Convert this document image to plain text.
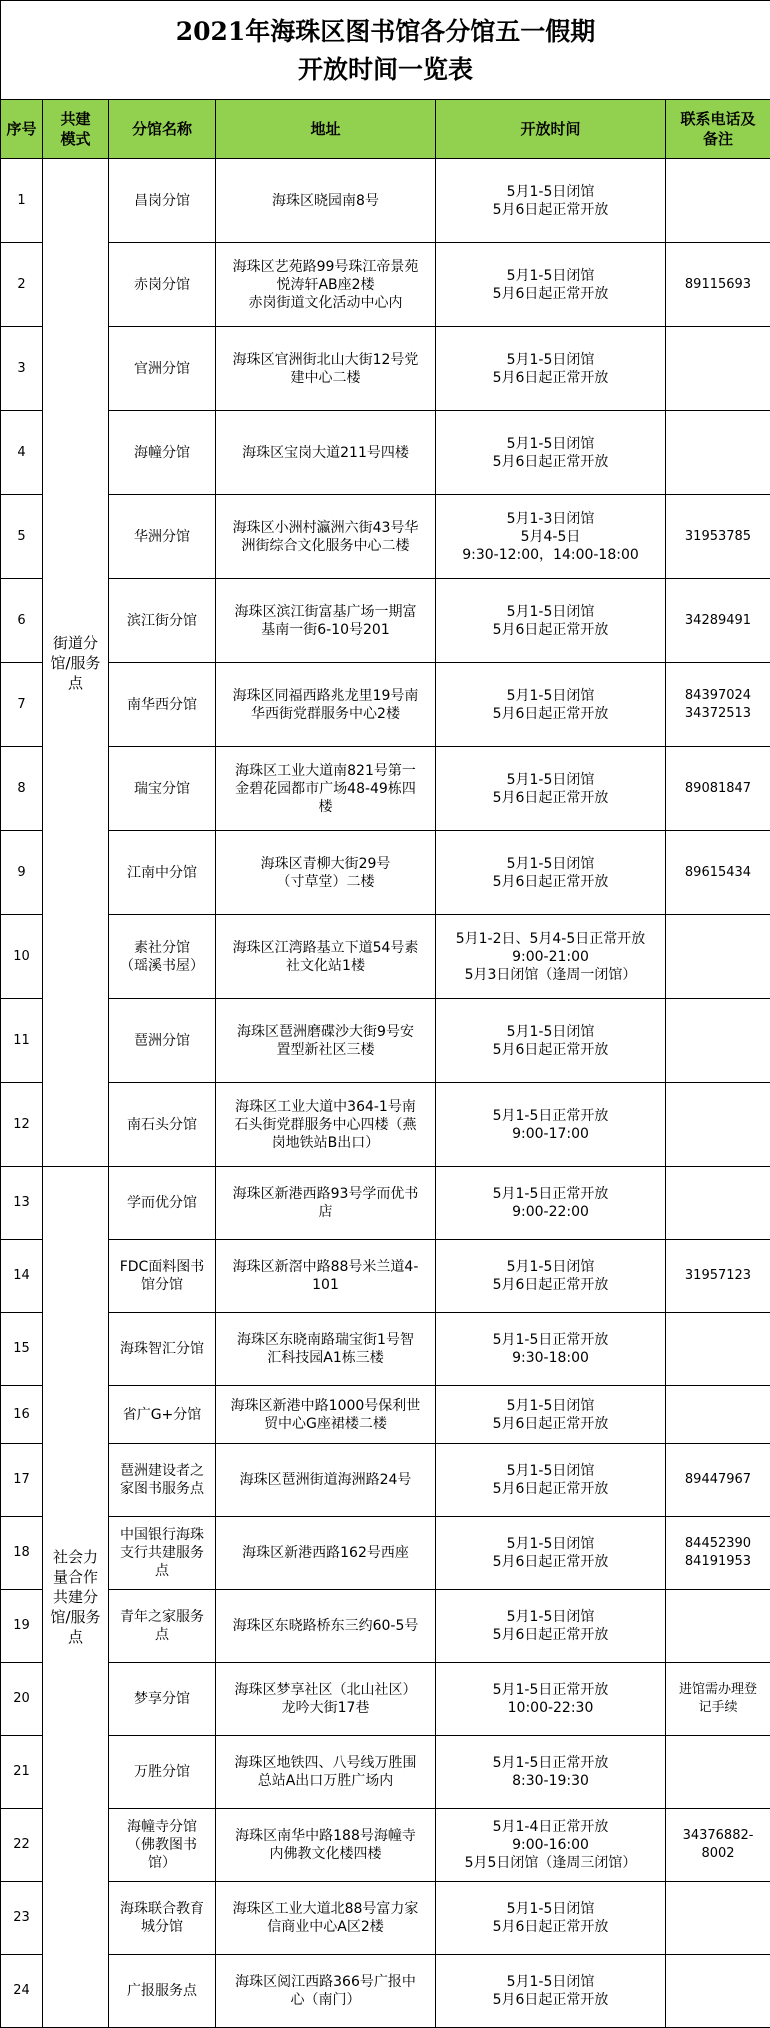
2021年海珠区图书馆各分馆五一假期
开放时间一览表					
序号	共建
模式	分馆名称	地址	开放时间	联系电话及
备注
1	街道分
馆/服务
点	昌岗分馆	海珠区晓园南8号	5月1-5日闭馆
5月6日起正常开放	
2		赤岗分馆	海珠区艺苑路99号珠江帝景苑
悦涛轩AB座2楼
赤岗街道文化活动中心内	5月1-5日闭馆
5月6日起正常开放	89115693
3		官洲分馆	海珠区官洲街北山大街12号党
建中心二楼	5月1-5日闭馆
5月6日起正常开放	
4		海幢分馆	海珠区宝岗大道211号四楼	5月1-5日闭馆
5月6日起正常开放	
5		华洲分馆	海珠区小洲村瀛洲六街43号华
洲街综合文化服务中心二楼	5月1-3日闭馆
5月4-5日
9:30-12:00，14:00-18:00	31953785
6		滨江街分馆	海珠区滨江街富基广场一期富
基南一街6-10号201	5月1-5日闭馆
5月6日起正常开放	34289491
7		南华西分馆	海珠区同福西路兆龙里19号南
华西街党群服务中心2楼	5月1-5日闭馆
5月6日起正常开放	84397024
34372513
8		瑞宝分馆	海珠区工业大道南821号第一
金碧花园都市广场48-49栋四
楼	5月1-5日闭馆
5月6日起正常开放	89081847
9		江南中分馆	海珠区青柳大街29号
（寸草堂）二楼	5月1-5日闭馆
5月6日起正常开放	89615434
10		素社分馆
（瑶溪书屋）	海珠区江湾路基立下道54号素
社文化站1楼	5月1-2日、5月4-5日正常开放
9:00-21:00
5月3日闭馆（逢周一闭馆）	
11		琶洲分馆	海珠区琶洲磨碟沙大街9号安
置型新社区三楼	5月1-5日闭馆
5月6日起正常开放	
12		南石头分馆	海珠区工业大道中364-1号南
石头街党群服务中心四楼（燕
岗地铁站B出口）	5月1-5日正常开放
9:00-17:00	
13	社会力
量合作
共建分
馆/服务
点	学而优分馆	海珠区新港西路93号学而优书
店	5月1-5日正常开放
9:00-22:00	
14		FDC面料图书
馆分馆	海珠区新滘中路88号米兰道4-
101	5月1-5日闭馆
5月6日起正常开放	31957123
15		海珠智汇分馆	海珠区东晓南路瑞宝街1号智
汇科技园A1栋三楼	5月1-5日正常开放
9:30-18:00	
16		省广G+分馆	海珠区新港中路1000号保利世
贸中心G座裙楼二楼	5月1-5日闭馆
5月6日起正常开放	
17		琶洲建设者之
家图书服务点	海珠区琶洲街道海洲路24号	5月1-5日闭馆
5月6日起正常开放	89447967
18		中国银行海珠
支行共建服务
点	海珠区新港西路162号西座	5月1-5日闭馆
5月6日起正常开放	84452390
84191953
19		青年之家服务
点	海珠区东晓路桥东三约60-5号	5月1-5日闭馆
5月6日起正常开放	
20		梦享分馆	海珠区梦享社区（北山社区）
龙吟大街17巷	5月1-5日正常开放
10:00-22:30	进馆需办理登
记手续
21		万胜分馆	海珠区地铁四、八号线万胜围
总站A出口万胜广场内	5月1-5日正常开放
8:30-19:30	
22		海幢寺分馆
（佛教图书
馆）	海珠区南华中路188号海幢寺
内佛教文化楼四楼	5月1-4日正常开放
9:00-16:00
5月5日闭馆（逢周三闭馆）	34376882-
8002
23		海珠联合教育
城分馆	海珠区工业大道北88号富力家
信商业中心A区2楼	5月1-5日闭馆
5月6日起正常开放	
24		广报服务点	海珠区阅江西路366号广报中
心（南门）	5月1-5日闭馆
5月6日起正常开放	
